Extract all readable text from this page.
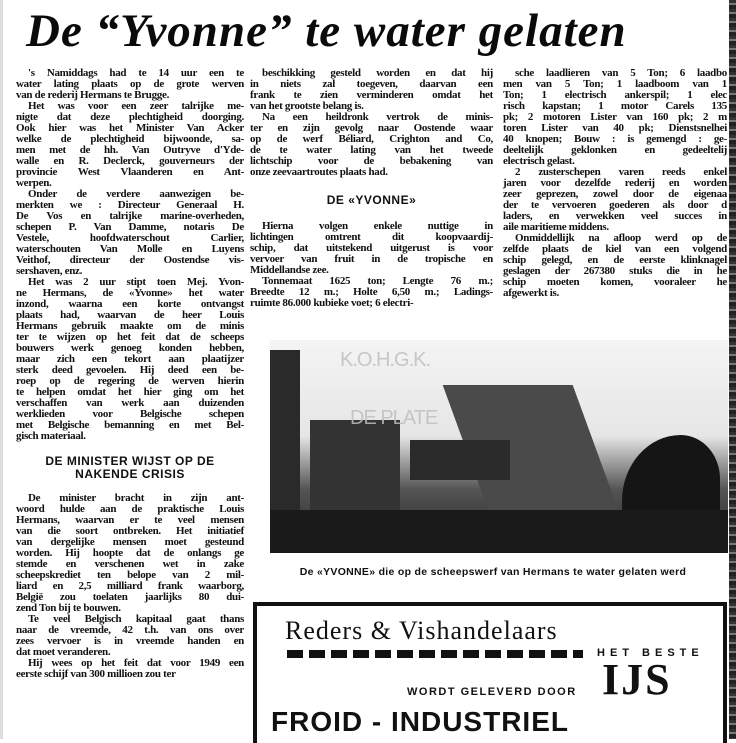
De “Yvonne” te water gelaten
's Namiddags had te 14 uur een te
water lating plaats op de grote werven
van de rederij Hermans te Brugge.
Het was voor een zeer talrijke me-
nigte dat deze plechtigheid doorging.
Ook hier was het Minister Van Acker
welke de plechtigheid bijwoonde, sa-
men met de hh. Van Outryve d'Yde-
walle en R. Declerck, gouverneurs der
provincie West Vlaanderen en Ant-
werpen.
Onder de verdere aanwezigen be-
merkten we : Directeur Generaal H.
De Vos en talrijke marine-overheden,
schepen P. Van Damme, notaris De
Vestele, hoofdwaterschout Carlier,
waterschouten Van Molle en Luyens
Veithof, directeur der Oostendse vis-
sershaven, enz.
Het was 2 uur stipt toen Mej. Yvon-
ne Hermans, de «Yvonne» het water
inzond, waarna een korte ontvangst
plaats had, waarvan de heer Louis
Hermans gebruik maakte om de minis
ter te wijzen op het feit dat de scheeps
bouwers werk genoeg konden hebben,
maar zich een tekort aan plaatijzer
sterk deed gevoelen. Hij deed een be-
roep op de regering de werven hierin
te helpen omdat het hier ging om het
verschaffen van werk aan duizenden
werklieden voor Belgische schepen
met Belgische bemanning en met Bel-
gisch materiaal.
DE MINISTER WIJST OP DE
NAKENDE CRISIS
De minister bracht in zijn ant-
woord hulde aan de praktische Louis
Hermans, waarvan er te veel mensen
van die soort ontbreken. Het initiatief
van dergelijke mensen moet gesteund
worden. Hij hoopte dat de onlangs ge
stemde en verschenen wet in zake
scheepskrediet ten belope van 2 mil-
liard en 2,5 milliard frank waarborg,
België zou toelaten jaarlijks 80 dui-
zend Ton bij te bouwen.
Te veel Belgisch kapitaal gaat thans
naar de vreemde, 42 t.h. van ons over
zees vervoer is in vreemde handen en
dat moet veranderen.
Hij wees op het feit dat voor 1949 een
eerste schijf van 300 millioen zou ter
beschikking gesteld worden en dat hij
in niets zal toegeven, daarvan een
frank te zien verminderen omdat het
van het grootste belang is.
Na een heildronk vertrok de minis-
ter en zijn gevolg naar Oostende waar
op de werf Béliard, Crighton and Co,
de te water lating van het tweede
lichtschip voor de bebakening van
onze zeevaartroutes plaats had.
DE «YVONNE»
Hierna volgen enkele nuttige in
lichtingen omtrent dit koopvaardij-
schip, dat uitstekend uitgerust is voor
vervoer van fruit in de tropische en
Middellandse zee.
Tonnemaat 1625 ton; Lengte 76 m.;
Breedte 12 m.; Holte 6,50 m.; Ladings-
ruimte 86.000 kubieke voet; 6 electri-
sche laadlieren van 5 Ton; 6 laadbo
men van 5 Ton; 1 laadboom van 1
Ton; 1 electrisch ankerspil; 1 elec
risch kapstan; 1 motor Carels 135
pk; 2 motoren Lister van 160 pk; 2 m
toren Lister van 40 pk; Dienstsnelhei
40 knopen; Bouw : is gemengd : ge-
deeltelijk geklonken en gedeeltelij
electrisch gelast.
2 zusterschepen varen reeds enkel
jaren voor dezelfde rederij en worden
zeer geprezen, zowel door de eigenaa
der te vervoeren goederen als door d
laders, en verwekken veel succes in
aile maritieme middens.
Onmiddellijk na afloop werd op de
zelfde plaats de kiel van een volgend
schip gelegd, en de eerste klinknagel
geslagen der 267380 stuks die in he
schip moeten komen, vooraleer he
afgewerkt is.
K.O.H.G.K.
DE PLATE
De «YVONNE» die op de scheepswerf van Hermans te water gelaten werd
Reders & Vishandelaars
HET BESTE
IJS
WORDT GELEVERD DOOR
FROID - INDUSTRIEL
